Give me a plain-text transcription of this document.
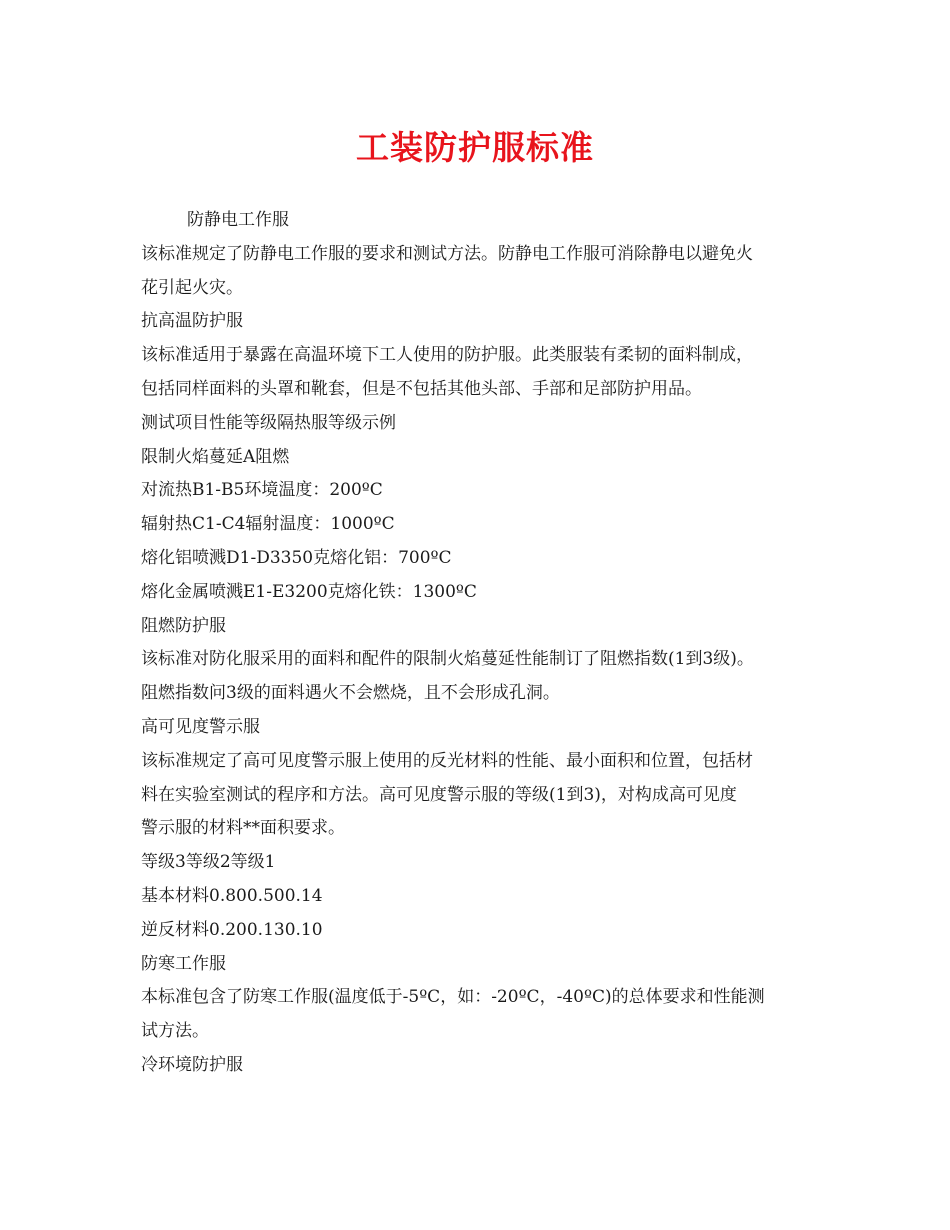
工装防护服标准
防静电工作服
该标准规定了防静电工作服的要求和测试方法。防静电工作服可消除静电以避免火
花引起火灾。
抗高温防护服
该标准适用于暴露在高温环境下工人使用的防护服。此类服装有柔韧的面料制成，
包括同样面料的头罩和靴套，但是不包括其他头部、手部和足部防护用品。
测试项目性能等级隔热服等级示例
限制火焰蔓延A阻燃
对流热B1-B5环境温度：200ºC
辐射热C1-C4辐射温度：1000ºC
熔化铝喷溅D1-D3350克熔化铝：700ºC
熔化金属喷溅E1-E3200克熔化铁：1300ºC
阻燃防护服
该标准对防化服采用的面料和配件的限制火焰蔓延性能制订了阻燃指数(1到3级)。
阻燃指数问3级的面料遇火不会燃烧，且不会形成孔洞。
高可见度警示服
该标准规定了高可见度警示服上使用的反光材料的性能、最小面积和位置，包括材
料在实验室测试的程序和方法。高可见度警示服的等级(1到3)，对构成高可见度
警示服的材料**面积要求。
等级3等级2等级1
基本材料0.800.500.14
逆反材料0.200.130.10
防寒工作服
本标准包含了防寒工作服(温度低于-5ºC，如：-20ºC，-40ºC)的总体要求和性能测
试方法。
冷环境防护服
